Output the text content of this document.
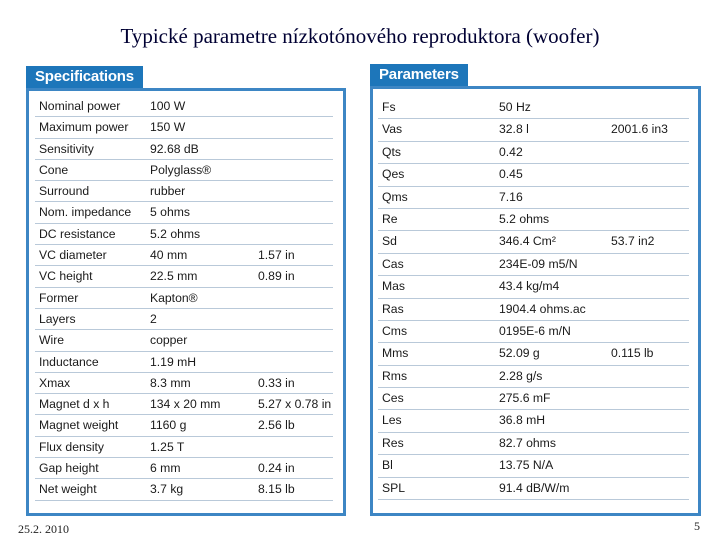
Typické parametre nízkotónového reproduktora (woofer)
Specifications
Nominal power 100 W
Maximum power 150 W
Sensitivity	92.68 dB
Cone	Polyglass®
Surround	rubber
Nom. impedance 5 ohms
DC resistance	5.2 ohms
VC diameter	40 mm	1.57 in
VC height	22.5 mm	0.89 in
Former	Kapton®
Layers	2
Wire	copper
Inductance	1.19 mH
Xmax	8.3 mm	0.33 in
Magnet d x h	134 x 20 mm	5.27 x 0.78 in
Magnet weight	1160 g	2.56 lb
Flux density	1.25 T
Gap height	6 mm	0.24 in
Net weight	3.7 kg	8.15 lb
Parameters
Fs	50 Hz
Vas	32.8 l	2001.6 in3
Qts	0.42
Qes	0.45
Qms	7.16
Re	5.2 ohms
Sd	346.4 Cm²	53.7 in2
Cas	234E-09 m5/N
Mas	43.4 kg/m4
Ras	1904.4 ohms.ac
Cms	0195E-6 m/N
Mms	52.09 g	0.115 lb
Rms	2.28 g/s
Ces	275.6 mF
Les	36.8 mH
Res	82.7 ohms
Bl	13.75 N/A
SPL	91.4 dB/W/m
25.2. 2010	5
